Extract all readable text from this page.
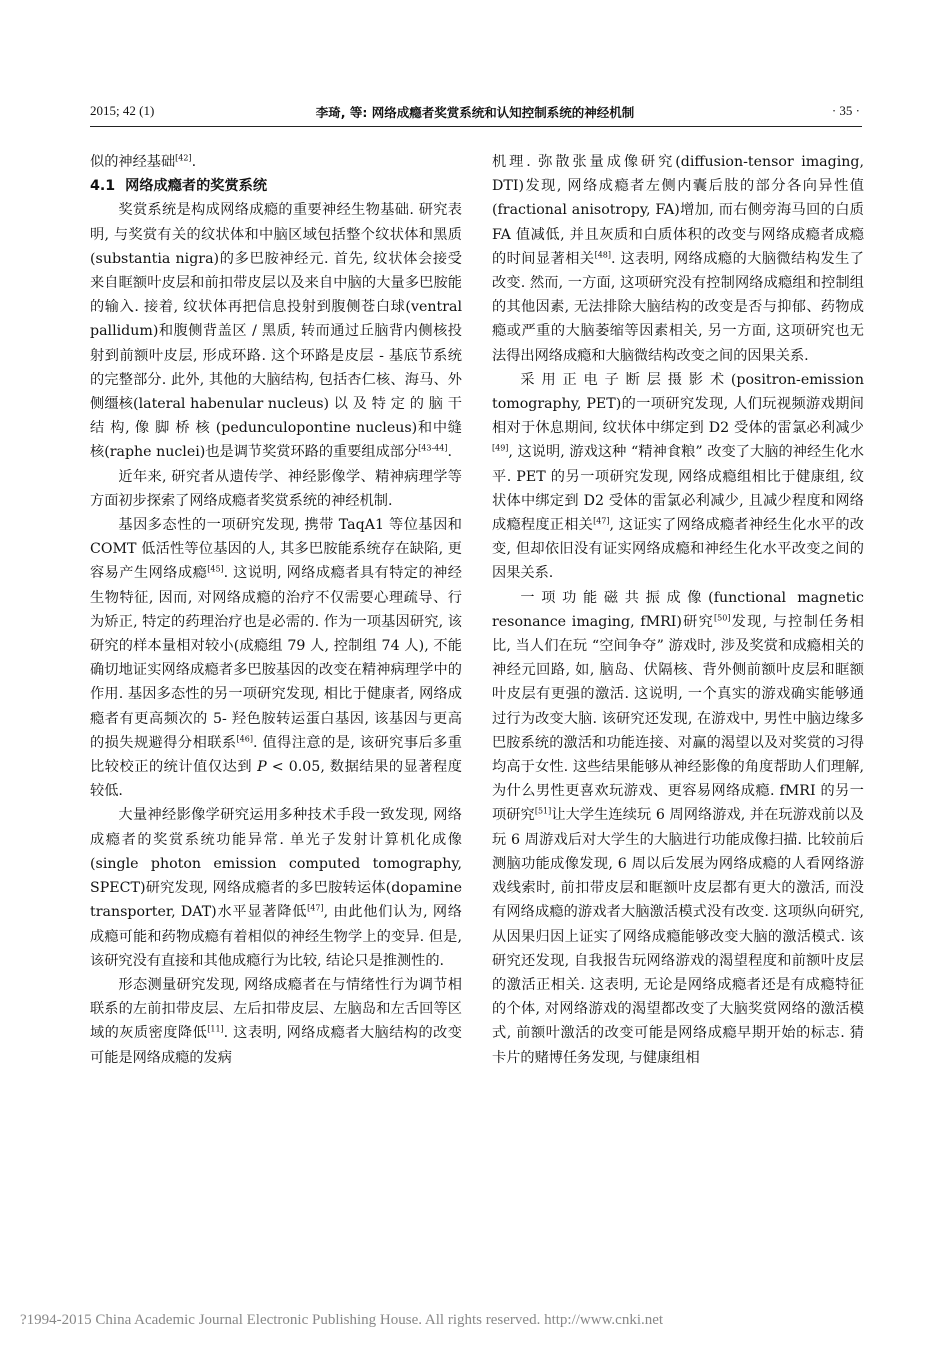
2015; 42 (1)	李琦, 等: 网络成瘾者奖赏系统和认知控制系统的神经机制	· 35 ·

似的神经基础[42].

4.1 网络成瘾者的奖赏系统

奖赏系统是构成网络成瘾的重要神经生物基础. 研究表明, 与奖赏有关的纹状体和中脑区域包括整个纹状体和黑质(substantia nigra)的多巴胺神经元. 首先, 纹状体会接受来自眶额叶皮层和前扣带皮层以及来自中脑的大量多巴胺能的输入. 接着, 纹状体再把信息投射到腹侧苍白球(ventral pallidum)和腹侧背盖区 / 黑质, 转而通过丘脑背内侧核投射到前额叶皮层, 形成环路. 这个环路是皮层 - 基底节系统的完整部分. 此外, 其他的大脑结构, 包括杏仁核、海马、外侧缰核(lateral habenular nucleus) 以 及 特 定 的 脑 干 结 构, 像 脚 桥 核 (pedunculopontine nucleus)和中缝核(raphe nuclei)也是调节奖赏环路的重要组成部分[43-44].

近年来, 研究者从遗传学、神经影像学、精神病理学等方面初步探索了网络成瘾者奖赏系统的神经机制.

基因多态性的一项研究发现, 携带 TaqA1 等位基因和 COMT 低活性等位基因的人, 其多巴胺能系统存在缺陷, 更容易产生网络成瘾[45]. 这说明, 网络成瘾者具有特定的神经生物特征, 因而, 对网络成瘾的治疗不仅需要心理疏导、行为矫正, 特定的药理治疗也是必需的. 作为一项基因研究, 该研究的样本量相对较小(成瘾组 79 人, 控制组 74 人), 不能确切地证实网络成瘾者多巴胺基因的改变在精神病理学中的作用. 基因多态性的另一项研究发现, 相比于健康者, 网络成瘾者有更高频次的 5- 羟色胺转运蛋白基因, 该基因与更高的损失规避得分相联系[46]. 值得注意的是, 该研究事后多重比较校正的统计值仅达到 P < 0.05, 数据结果的显著程度较低.

大量神经影像学研究运用多种技术手段一致发现, 网络成瘾者的奖赏系统功能异常. 单光子发射计算机化成像(single photon emission computed tomography, SPECT)研究发现, 网络成瘾者的多巴胺转运体(dopamine transporter, DAT)水平显著降低[47], 由此他们认为, 网络成瘾可能和药物成瘾有着相似的神经生物学上的变异. 但是, 该研究没有直接和其他成瘾行为比较, 结论只是推测性的.

形态测量研究发现, 网络成瘾者在与情绪性行为调节相联系的左前扣带皮层、左后扣带皮层、左脑岛和左舌回等区域的灰质密度降低[11]. 这表明, 网络成瘾者大脑结构的改变可能是网络成瘾的发病

机理. 弥散张量成像研究(diffusion-tensor imaging, DTI)发现, 网络成瘾者左侧内囊后肢的部分各向异性值(fractional anisotropy, FA)增加, 而右侧旁海马回的白质 FA 值减低, 并且灰质和白质体积的改变与网络成瘾者成瘾的时间显著相关[48]. 这表明, 网络成瘾的大脑微结构发生了改变. 然而, 一方面, 这项研究没有控制网络成瘾组和控制组的其他因素, 无法排除大脑结构的改变是否与抑郁、药物成瘾或严重的大脑萎缩等因素相关, 另一方面, 这项研究也无法得出网络成瘾和大脑微结构改变之间的因果关系.

采用正电子断层摄影术(positron-emission tomography, PET)的一项研究发现, 人们玩视频游戏期间相对于休息期间, 纹状体中绑定到 D2 受体的雷氯必利减少[49], 这说明, 游戏这种 “精神食粮” 改变了大脑的神经生化水平. PET 的另一项研究发现, 网络成瘾组相比于健康组, 纹状体中绑定到 D2 受体的雷氯必利减少, 且减少程度和网络成瘾程度正相关[47], 这证实了网络成瘾者神经生化水平的改变, 但却依旧没有证实网络成瘾和神经生化水平改变之间的因果关系.

一项功能磁共振成像(functional magnetic resonance imaging, fMRI)研究[50]发现, 与控制任务相比, 当人们在玩 “空间争夺” 游戏时, 涉及奖赏和成瘾相关的神经元回路, 如, 脑岛、伏隔核、背外侧前额叶皮层和眶额叶皮层有更强的激活. 这说明, 一个真实的游戏确实能够通过行为改变大脑. 该研究还发现, 在游戏中, 男性中脑边缘多巴胺系统的激活和功能连接、对赢的渴望以及对奖赏的习得均高于女性. 这些结果能够从神经影像的角度帮助人们理解, 为什么男性更喜欢玩游戏、更容易网络成瘾. fMRI 的另一项研究[51]让大学生连续玩 6 周网络游戏, 并在玩游戏前以及玩 6 周游戏后对大学生的大脑进行功能成像扫描. 比较前后测脑功能成像发现, 6 周以后发展为网络成瘾的人看网络游戏线索时, 前扣带皮层和眶额叶皮层都有更大的激活, 而没有网络成瘾的游戏者大脑激活模式没有改变. 这项纵向研究, 从因果归因上证实了网络成瘾能够改变大脑的激活模式. 该研究还发现, 自我报告玩网络游戏的渴望程度和前额叶皮层的激活正相关. 这表明, 无论是网络成瘾者还是有成瘾特征的个体, 对网络游戏的渴望都改变了大脑奖赏网络的激活模式, 前额叶激活的改变可能是网络成瘾早期开始的标志. 猜卡片的赌博任务发现, 与健康组相

?1994-2015 China Academic Journal Electronic Publishing House. All rights reserved. http://www.cnki.net
